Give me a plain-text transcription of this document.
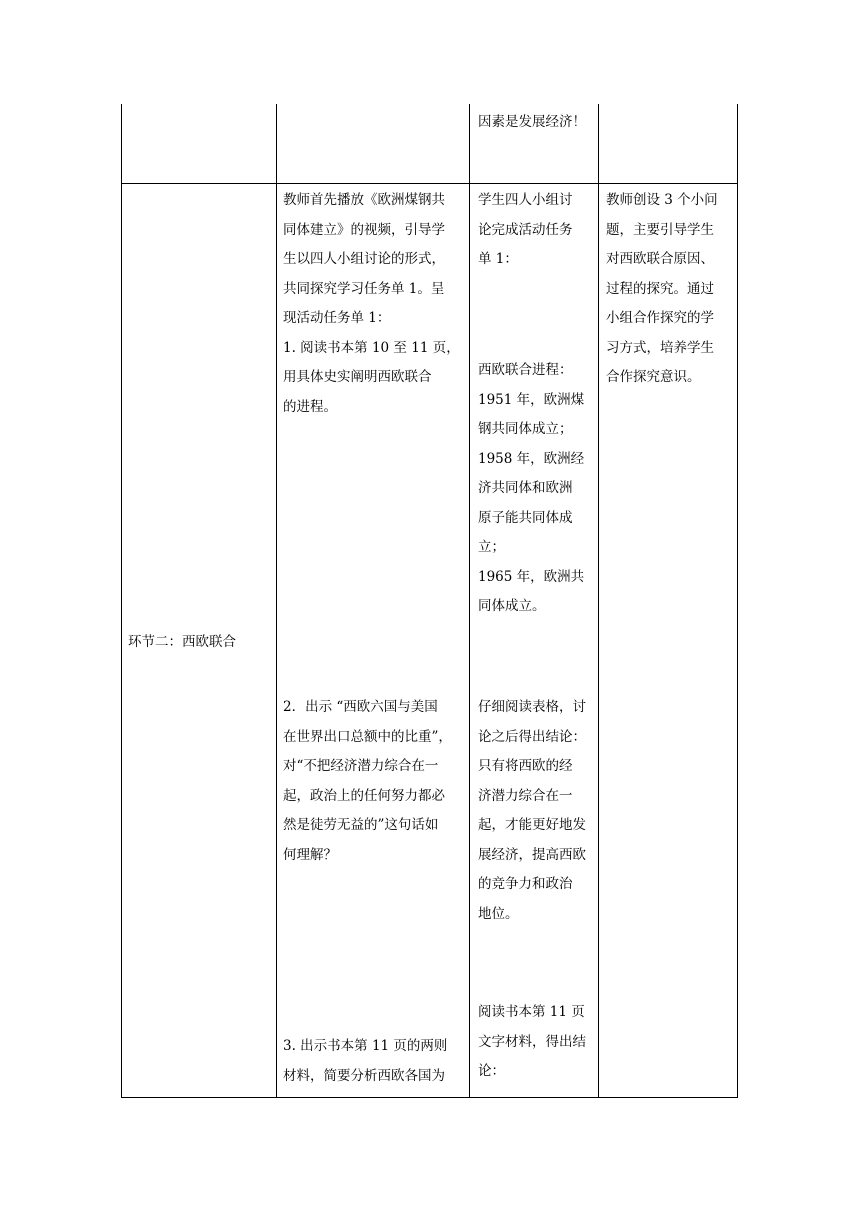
因素是发展经济！

环节二：西欧联合

教师首先播放《欧洲煤钢共

同体建立》的视频，引导学

生以四人小组讨论的形式，

共同探究学习任务单 1。呈

现活动任务单 1：

1. 阅读书本第 10 至 11 页，

用具体史实阐明西欧联合

的进程。

2．出示 “西欧六国与美国

在世界出口总额中的比重”，

对“不把经济潜力综合在一

起，政治上的任何努力都必

然是徒劳无益的”这句话如

何理解？

3. 出示书本第 11 页的两则

材料，简要分析西欧各国为

学生四人小组讨

论完成活动任务

单 1：

西欧联合进程：

1951 年，欧洲煤

钢共同体成立；

1958 年，欧洲经

济共同体和欧洲

原子能共同体成

立；

1965 年，欧洲共

同体成立。

仔细阅读表格，讨

论之后得出结论：

只有将西欧的经

济潜力综合在一

起，才能更好地发

展经济，提高西欧

的竞争力和政治

地位。

阅读书本第 11 页

文字材料，得出结

论：

教师创设 3 个小问

题，主要引导学生

对西欧联合原因、

过程的探究。通过

小组合作探究的学

习方式，培养学生

合作探究意识。
